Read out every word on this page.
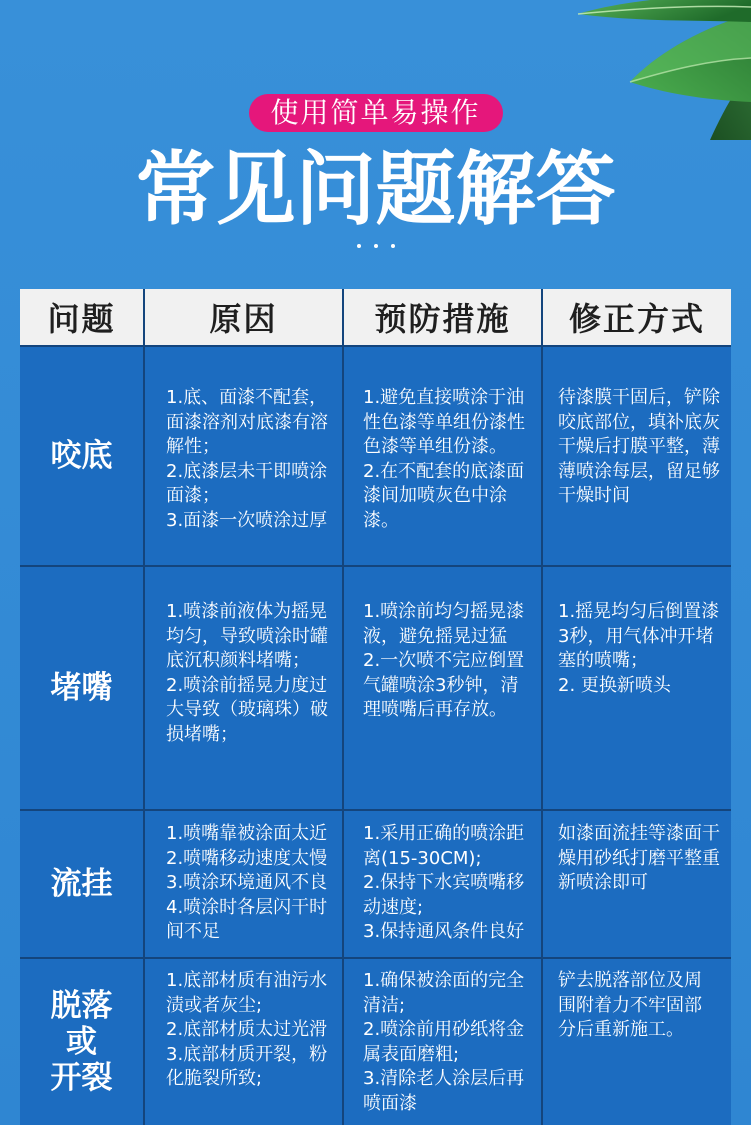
使用简单易操作
常见问题解答
问题	原因	预防措施 修正方式
咬底
1.底、面漆不配套，
面漆溶剂对底漆有溶
解性；
2.底漆层未干即喷涂
面漆；
3.面漆一次喷涂过厚
1.避免直接喷涂于油
性色漆等单组份漆性
色漆等单组份漆。
2.在不配套的底漆面
漆间加喷灰色中涂
漆。
待漆膜干固后，铲除
咬底部位，填补底灰
干燥后打膜平整，薄
薄喷涂每层，留足够
干燥时间
堵嘴
1.喷漆前液体为摇晃
均匀，导致喷涂时罐
底沉积颜料堵嘴；
2.喷涂前摇晃力度过
大导致（玻璃珠）破
损堵嘴；
1.喷涂前均匀摇晃漆
液，避免摇晃过猛
2.一次喷不完应倒置
气罐喷涂3秒钟，清
理喷嘴后再存放。
1.摇晃均匀后倒置漆
3秒，用气体冲开堵
塞的喷嘴；
2. 更换新喷头
流挂
1.喷嘴靠被涂面太近
2.喷嘴移动速度太慢
3.喷涂环境通风不良
4.喷涂时各层闪干时
间不足
1.采用正确的喷涂距
离(15-30CM);
2.保持下水宾喷嘴移
动速度;
3.保持通风条件良好
如漆面流挂等漆面干
燥用砂纸打磨平整重
新喷涂即可
脱落
或
开裂
1.底部材质有油污水
渍或者灰尘;
2.底部材质太过光滑
3.底部材质开裂，粉
化脆裂所致;
1.确保被涂面的完全
清洁;
2.喷涂前用砂纸将金
属表面磨粗;
3.清除老人涂层后再
喷面漆
铲去脱落部位及周
围附着力不牢固部
分后重新施工。
